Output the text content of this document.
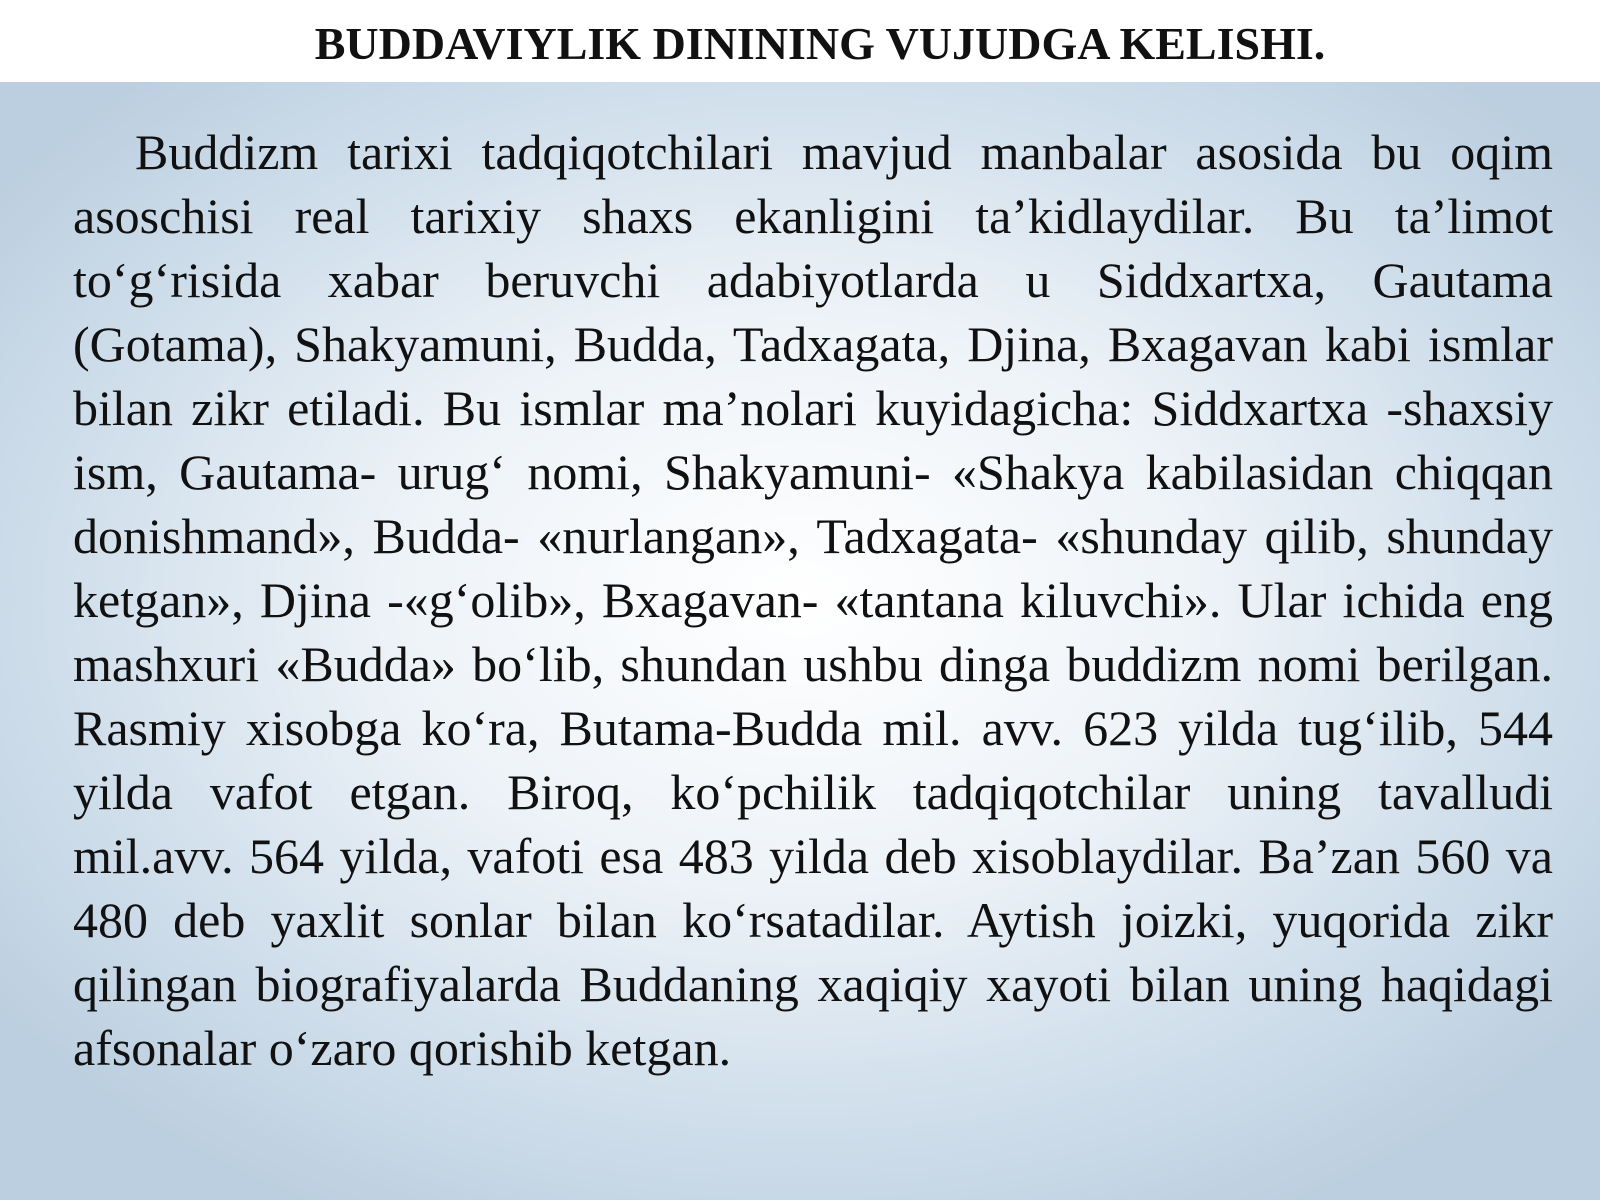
BUDDAVIYLIK DININING VUJUDGA KELISHI.

Buddizm tarixi tadqiqotchilari mavjud manbalar asosida bu oqim asoschisi real tarixiy shaxs ekanligini ta’kidlaydilar. Bu ta’limot to‘g‘risida xabar beruvchi adabiyotlarda u Siddxartxa, Gautama (Gotama), Shakyamuni, Budda, Tadxagata, Djina, Bxagavan kabi ismlar bilan zikr etiladi. Bu ismlar ma’nolari kuyidagicha: Siddxartxa -shaxsiy ism, Gautama- urug‘ nomi, Shakyamuni- «Shakya kabilasidan chiqqan donishmand», Budda- «nurlangan», Tadxagata- «shunday qilib, shunday ketgan», Djina -«g‘olib», Bxagavan- «tantana kiluvchi». Ular ichida eng mashxuri «Budda» bo‘lib, shundan ushbu dinga buddizm nomi berilgan. Rasmiy xisobga ko‘ra, Butama-Budda mil. avv. 623 yilda tug‘ilib, 544 yilda vafot etgan. Biroq, ko‘pchilik tadqiqotchilar uning tavalludi mil.avv. 564 yilda, vafoti esa 483 yilda deb xisoblaydilar. Ba’zan 560 va 480 deb yaxlit sonlar bilan ko‘rsatadilar. Aytish joizki, yuqorida zikr qilingan biografiyalarda Buddaning xaqiqiy xayoti bilan uning haqidagi afsonalar o‘zaro qorishib ketgan.
